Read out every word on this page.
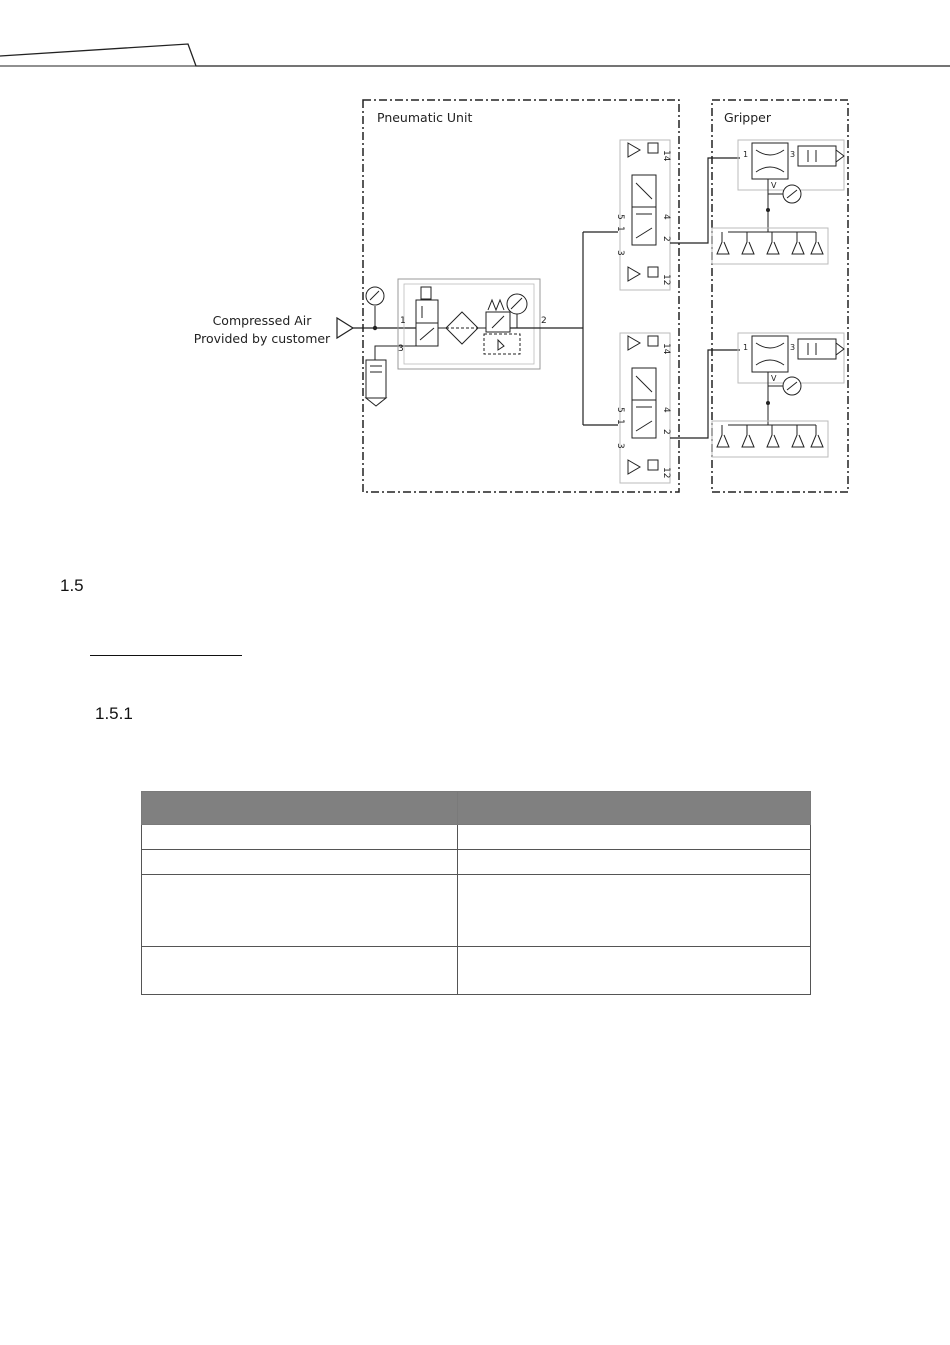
Pneumatic Unit	Gripper
Compressed Air
Provided by customer
1
3
2
14
12
4
2
5
1
3
14
12
4
2
5
1
3
1	3
V
1	3
V
1.5
1.5.1
